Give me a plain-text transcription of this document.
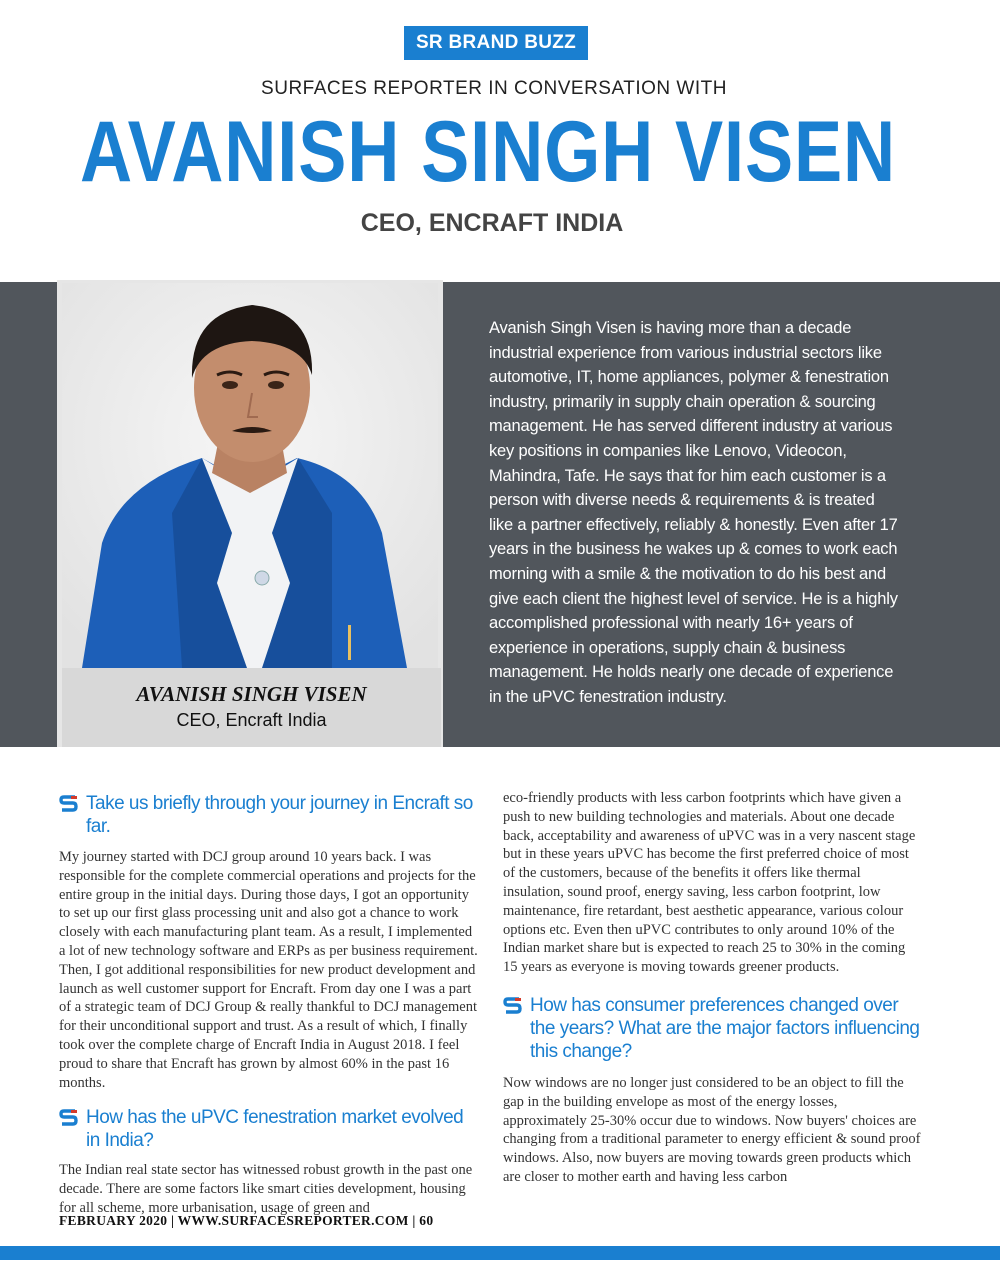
SR BRAND BUZZ
SURFACES REPORTER IN CONVERSATION WITH
AVANISH SINGH VISEN
CEO, ENCRAFT INDIA
AVANISH SINGH VISEN
CEO, Encraft India
Avanish Singh Visen is having more than a decade industrial experience from various industrial sectors like automotive, IT, home appliances, polymer & fenestration industry, primarily in supply chain operation & sourcing management. He has served different industry at various key positions in companies like Lenovo, Videocon, Mahindra, Tafe. He says that for him each customer is a person with diverse needs & requirements & is treated like a partner effectively, reliably & honestly. Even after 17 years in the business he wakes up & comes to work each morning with a smile & the motivation to do his best and give each client the highest level of service. He is a highly accomplished professional with nearly 16+ years of experience in operations, supply chain & business management. He holds nearly one decade of experience in the uPVC fenestration industry.
Take us briefly through your journey in Encraft so far.

My journey started with DCJ group around 10 years back. I was responsible for the complete commercial operations and projects for the entire group in the initial days. During those days, I got an opportunity to set up our first glass processing unit and also got a chance to work closely with each manufacturing plant team. As a result, I implemented a lot of new technology software and ERPs as per business requirement. Then, I got additional responsibilities for new product development and launch as well customer support for Encraft. From day one I was a part of a strategic team of DCJ Group & really thankful to DCJ management for their unconditional support and trust. As a result of which, I finally took over the complete charge of Encraft India in August 2018. I feel proud to share that Encraft has grown by almost 60% in the past 16 months.

How has the uPVC fenestration market evolved in India?

The Indian real state sector has witnessed robust growth in the past one decade. There are some factors like smart cities development, housing for all scheme, more urbanisation, usage of green and

eco-friendly products with less carbon footprints which have given a push to new building technologies and materials. About one decade back, acceptability and awareness of uPVC was in a very nascent stage but in these years uPVC has become the first preferred choice of most of the customers, because of the benefits it offers like thermal insulation, sound proof, energy saving, less carbon footprint, low maintenance, fire retardant, best aesthetic appearance, various colour options etc. Even then uPVC contributes to only around 10% of the Indian market share but is expected to reach 25 to 30% in the coming 15 years as everyone is moving towards greener products.

How has consumer preferences changed over the years? What are the major factors influencing this change?

Now windows are no longer just considered to be an object to fill the gap in the building envelope as most of the energy losses, approximately 25-30% occur due to windows. Now buyers' choices are changing from a traditional parameter to energy efficient & sound proof windows. Also, now buyers are moving towards green products which are closer to mother earth and having less carbon

FEBRUARY 2020 | WWW.SURFACESREPORTER.COM | 60
